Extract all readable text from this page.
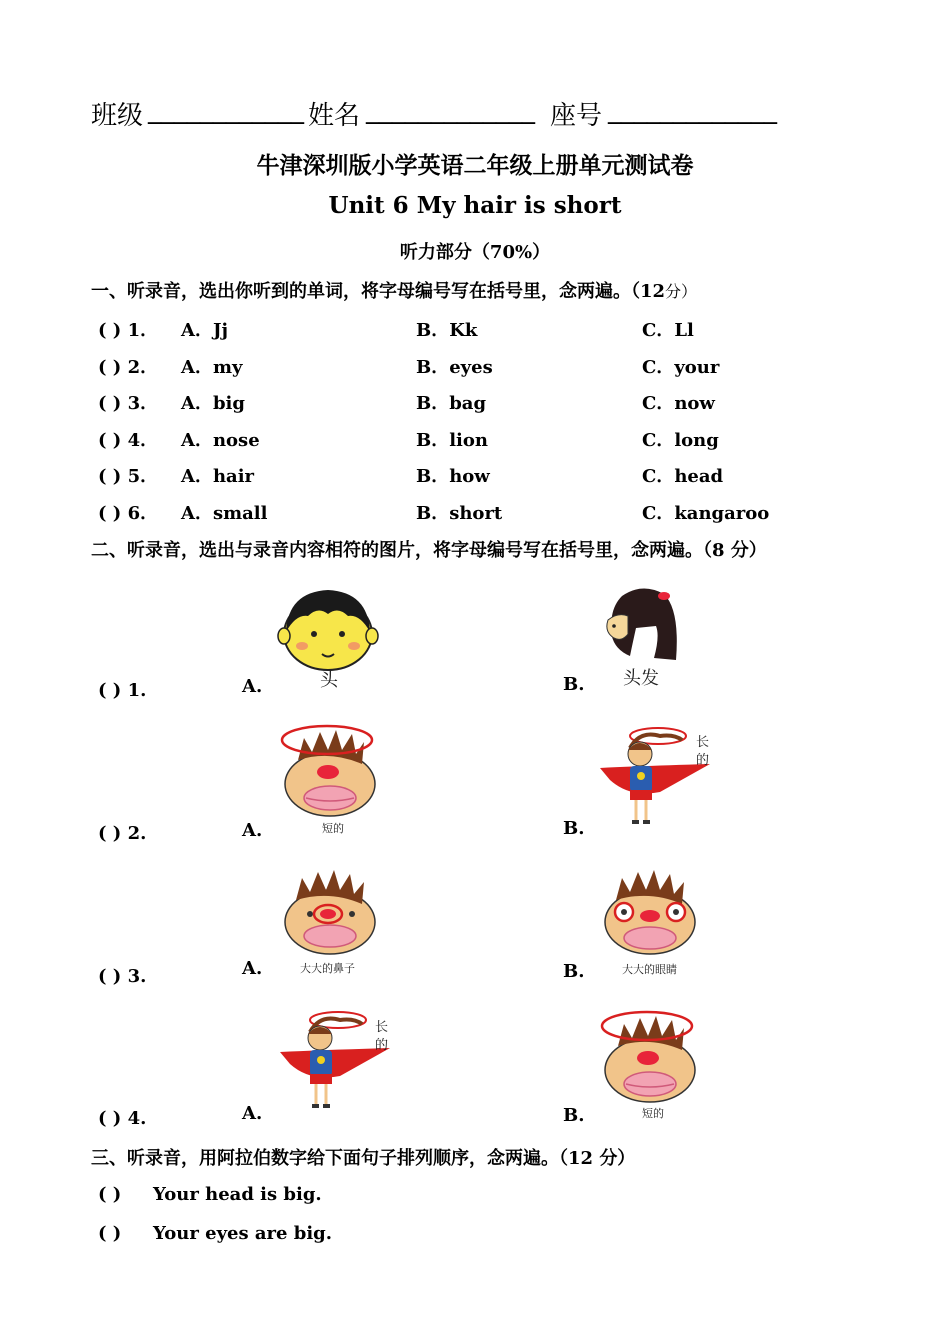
班级 ____________ 姓名 _____________ 座号 _____________
牛津深圳版小学英语二年级上册单元测试卷
Unit 6 My hair is short
听力部分（70%）
一、听录音，选出你听到的单词，将字母编号写在括号里，念两遍。（12分）
( ) 1． A．Jj	B．Kk	C．Ll
( ) 2． A．my	B．eyes	C．your
( ) 3． A．big	B．bag	C．now
( ) 4． A．nose	B．lion	C．long
( ) 5． A．hair	B．how	C．head
( ) 6． A．small	B．short	C．kangaroo
二、听录音，选出与录音内容相符的图片，将字母编号写在括号里，念两遍。（8 分）
( ) 1.	A.	B.
头	头发
( ) 2.	A.	B.
短的
长
的
( ) 3.	A.	B.
大大的鼻子	大大的眼睛
( ) 4.	A.	B.
长
的
短的
三、听录音，用阿拉伯数字给下面句子排列顺序，念两遍。（12 分）
( ) Your head is big.
( ) Your eyes are big.
